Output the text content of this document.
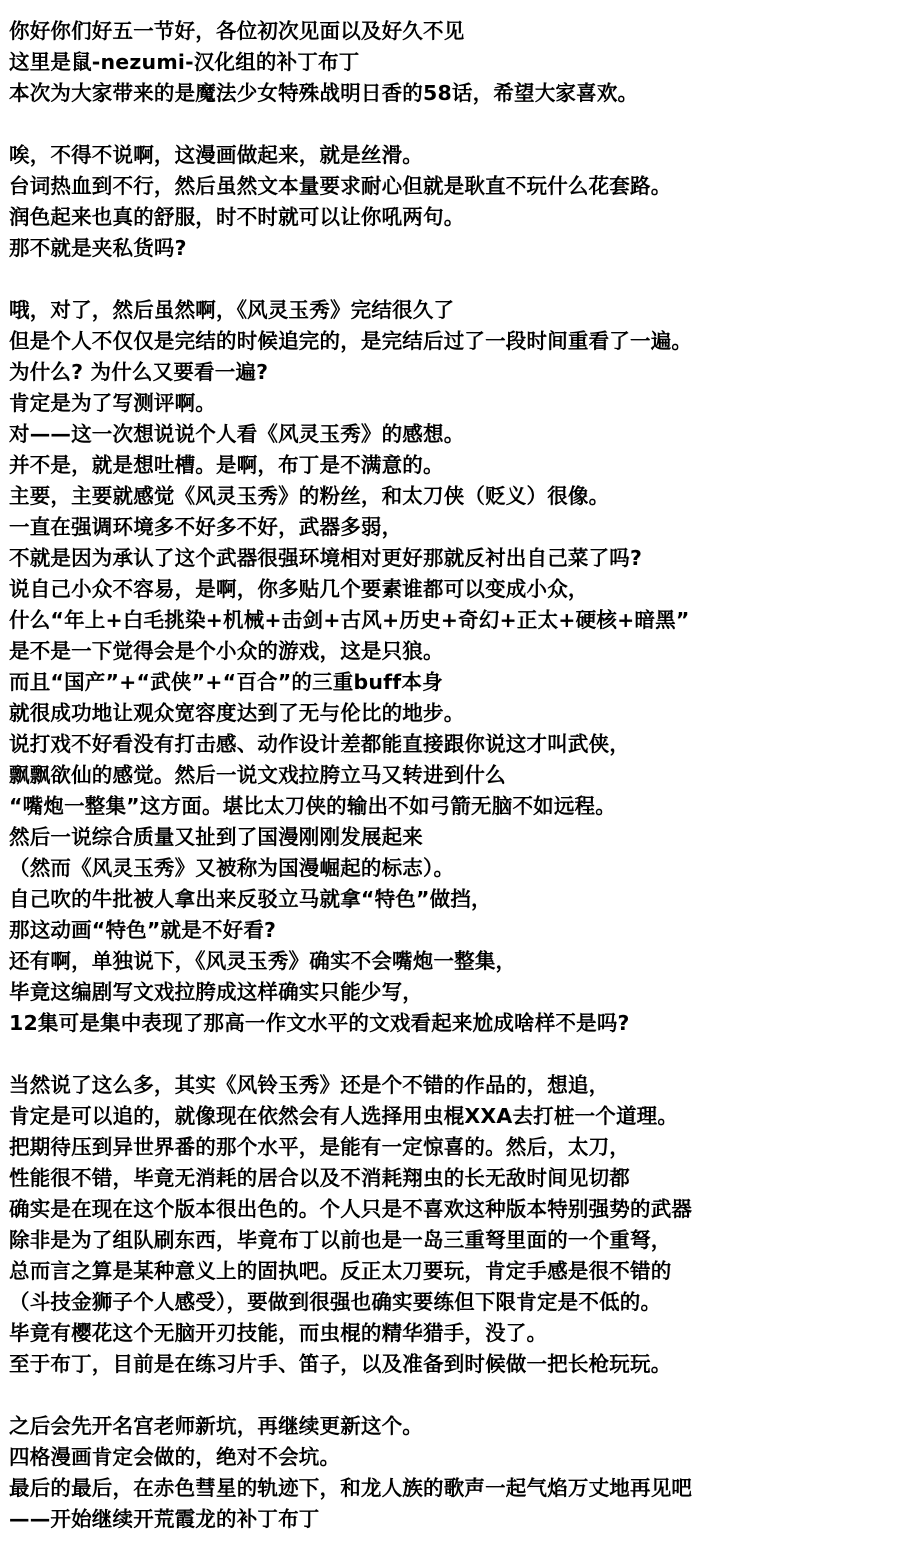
你好你们好五一节好，各位初次见面以及好久不见
这里是鼠-nezumi-汉化组的补丁布丁
本次为大家带来的是魔法少女特殊战明日香的58话，希望大家喜欢。
唉，不得不说啊，这漫画做起来，就是丝滑。
台词热血到不行，然后虽然文本量要求耐心但就是耿直不玩什么花套路。
润色起来也真的舒服，时不时就可以让你吼两句。
那不就是夹私货吗?
哦，对了，然后虽然啊，《风灵玉秀》完结很久了
但是个人不仅仅是完结的时候追完的，是完结后过了一段时间重看了一遍。
为什么? 为什么又要看一遍?
肯定是为了写测评啊。
对——这一次想说说个人看《风灵玉秀》的感想。
并不是，就是想吐槽。是啊，布丁是不满意的。
主要，主要就感觉《风灵玉秀》的粉丝，和太刀侠（贬义）很像。
一直在强调环境多不好多不好，武器多弱，
不就是因为承认了这个武器很强环境相对更好那就反衬出自己菜了吗?
说自己小众不容易，是啊，你多贴几个要素谁都可以变成小众，
什么“年上+白毛挑染+机械+击剑+古风+历史+奇幻+正太+硬核+暗黑”
是不是一下觉得会是个小众的游戏，这是只狼。
而且“国产”+“武侠”+“百合”的三重buff本身
就很成功地让观众宽容度达到了无与伦比的地步。
说打戏不好看没有打击感、动作设计差都能直接跟你说这才叫武侠，
飘飘欲仙的感觉。然后一说文戏拉胯立马又转进到什么
“嘴炮一整集”这方面。堪比太刀侠的输出不如弓箭无脑不如远程。
然后一说综合质量又扯到了国漫刚刚发展起来
（然而《风灵玉秀》又被称为国漫崛起的标志）。
自己吹的牛批被人拿出来反驳立马就拿“特色”做挡，
那这动画“特色”就是不好看?
还有啊，单独说下，《风灵玉秀》确实不会嘴炮一整集，
毕竟这编剧写文戏拉胯成这样确实只能少写，
12集可是集中表现了那高一作文水平的文戏看起来尬成啥样不是吗?
当然说了这么多，其实《风铃玉秀》还是个不错的作品的，想追，
肯定是可以追的，就像现在依然会有人选择用虫棍XXA去打桩一个道理。
把期待压到异世界番的那个水平，是能有一定惊喜的。然后，太刀，
性能很不错，毕竟无消耗的居合以及不消耗翔虫的长无敌时间见切都
确实是在现在这个版本很出色的。个人只是不喜欢这种版本特别强势的武器
除非是为了组队刷东西，毕竟布丁以前也是一岛三重弩里面的一个重弩，
总而言之算是某种意义上的固执吧。反正太刀要玩，肯定手感是很不错的
（斗技金狮子个人感受），要做到很强也确实要练但下限肯定是不低的。
毕竟有樱花这个无脑开刃技能，而虫棍的精华猎手，没了。
至于布丁，目前是在练习片手、笛子，以及准备到时候做一把长枪玩玩。
之后会先开名宫老师新坑，再继续更新这个。
四格漫画肯定会做的，绝对不会坑。
最后的最后，在赤色彗星的轨迹下，和龙人族的歌声一起气焰万丈地再见吧
——开始继续开荒霞龙的补丁布丁
